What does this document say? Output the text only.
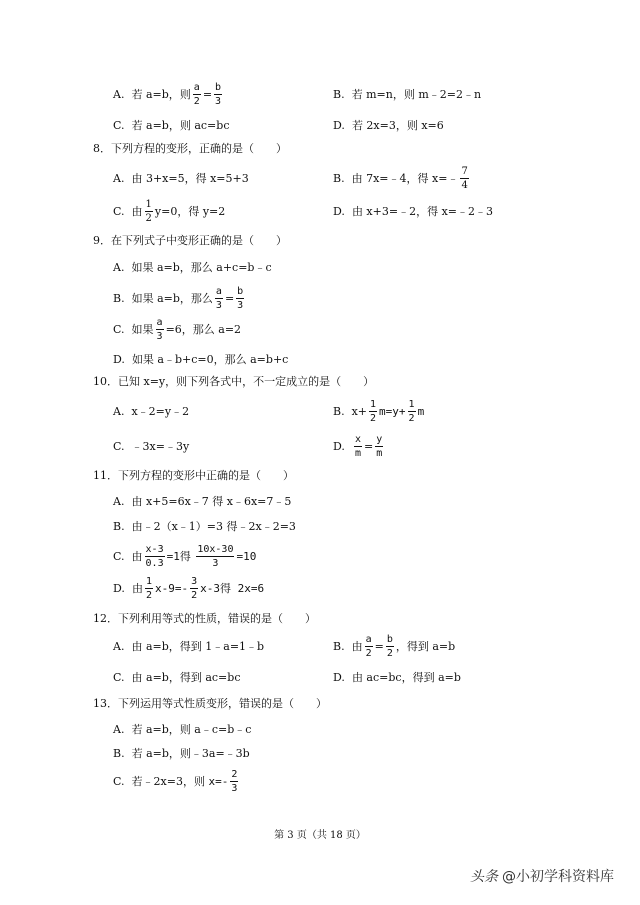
A.
若 a=b，则 $\frac{a}{2} = \frac{b}{3}$	B.
若 m=n，则 m﹣2=2﹣n
C.
若 a=b，则 ac=bc	D.
若 2x=3，则 x=6
8．下列方程的变形，正确的是（　　）
A.
由 3+x=5，得 x=5+3	B.
由 7x=﹣4，得 x= ﹣ $\frac{7}{4}$
C.
由 $\frac{1}{2} y=0$，得 y=2	D.
由 x+3=﹣2，得 x=﹣2﹣3
9．在下列式子中变形正确的是（　　）
A.
如果 a=b，那么 a+c=b﹣c
B.
如果 a=b，那么 $\frac{a}{3} = \frac{b}{3}$
C.
如果 $\frac{a}{3} =6$，那么 a=2
D.
如果 a﹣b+c=0，那么 a=b+c
10．已知 x=y，则下列各式中，不一定成立的是（　　）
A.
x﹣2=y﹣2	B.
$x+ \frac{1}{2} m=y+ \frac{1}{2}$ m
C.
﹣3x=﹣3y	D.
$\frac{x}{m} = \frac{y}{m}$
11．下列方程的变形中正确的是（　　）
A.
由 x+5=6x﹣7 得 x﹣6x=7﹣5
B.
由﹣2（x﹣1）=3 得﹣2x﹣2=3
C.
由 $\frac{x-3}{0.3} =1$得
$\frac{10x-30}{3} =10$
D.
由 $\frac{1}{2} x-9=- \frac{3}{2} x-3$得 2x=6
12．下列利用等式的性质，错误的是（　　）
A.
由 a=b，得到 1﹣a=1﹣b	B.
由 $\frac{a}{2} = \frac{b}{2}$ ，得到 a=b
C.
由 a=b，得到 ac=bc	D.
由 ac=bc，得到 a=b
13．下列运用等式性质变形，错误的是（　　）
A.
若 a=b，则 a﹣c=b﹣c
B.
若 a=b，则﹣3a=﹣3b
C.
若﹣2x=3，则
$x=- \frac{2}{3}$
第 3 页（共 18 页）
头条 @小初学科资料库
